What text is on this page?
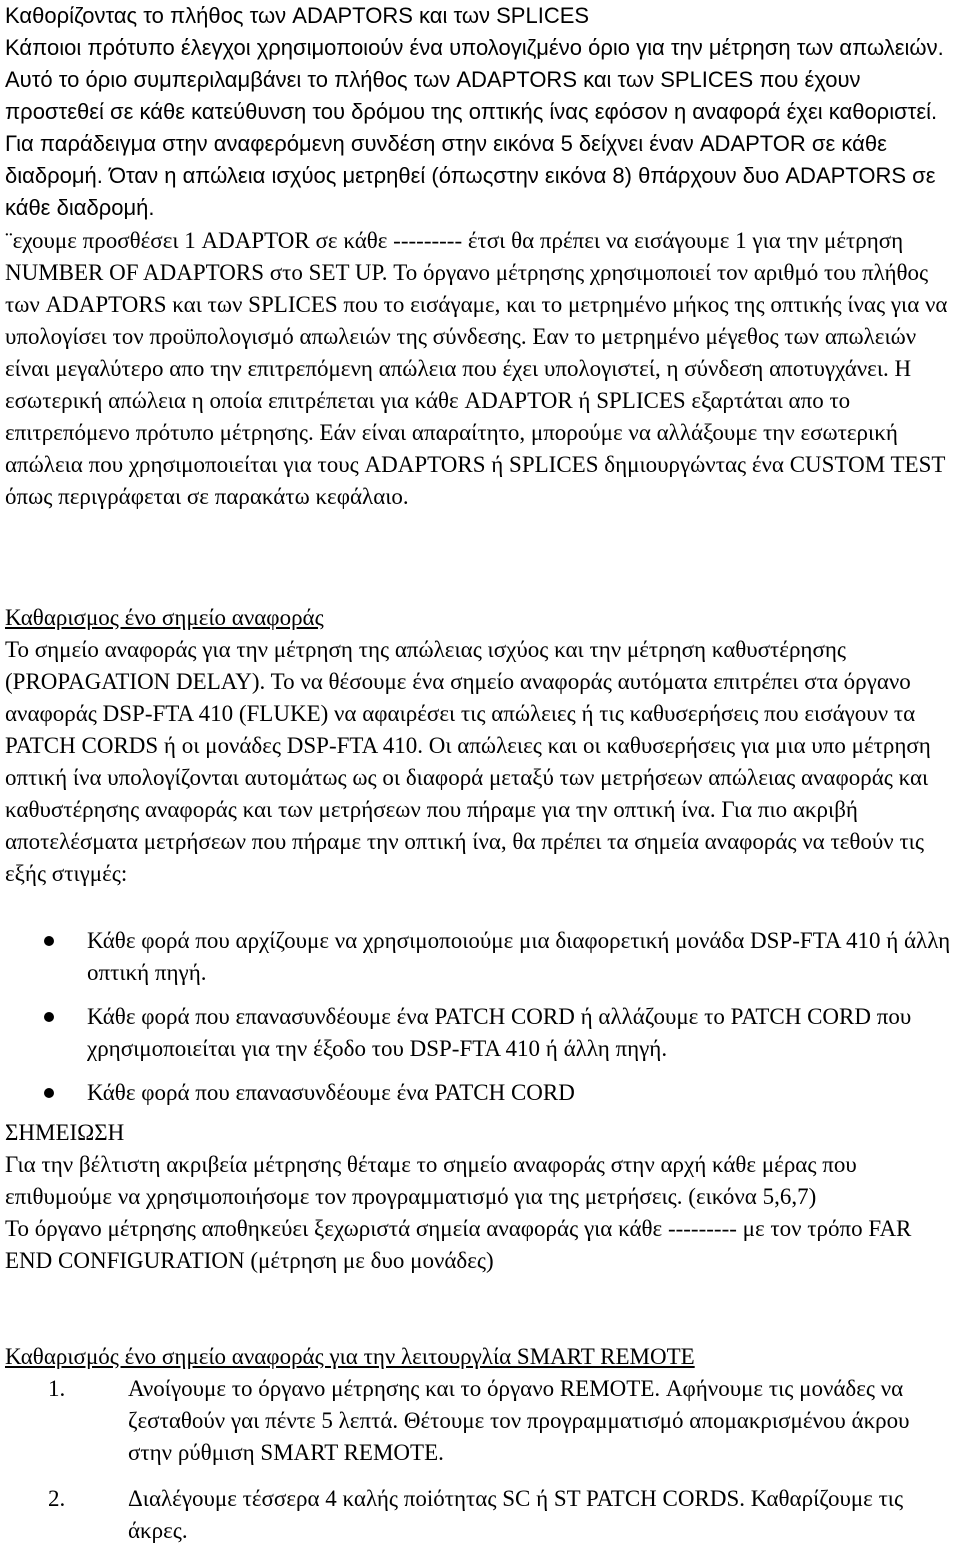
Καθορίζοντας το πλήθος των ADAPTORS και των SPLICES
Κάποιοι πρότυπο έλεγχοι χρησιμοποιούν ένα υπολογιζμένο όριο για την μέτρηση των απωλειών. Αυτό το όριο συμπεριλαμβάνει το πλήθος των ADAPTORS και των SPLICES που έχουν προστεθεί σε κάθε κατεύθυνση του δρόμου της οπτικής ίνας εφόσον η αναφορά έχει καθοριστεί. Για παράδειγμα στην αναφερόμενη συνδέση στην εικόνα 5 δείχνει έναν ADAPTOR σε κάθε διαδρομή. Όταν η απώλεια ισχύος μετρηθεί (όπωςστην εικόνα 8) θπάρχουν δυο ADAPTORS σε κάθε διαδρομή.

¨εχουμε προσθέσει 1 ADAPTOR σε κάθε --------- έτσι θα πρέπει να εισάγουμε 1 για την μέτρηση NUMBER OF ADAPTORS στο SET UP. Το όργανο μέτρησης χρησιμοποιεί τον αριθμό του πλήθος των ADAPTORS και των SPLICES που το εισάγαμε, και το μετρημένο μήκος της οπτικής ίνας για να υπολογίσει τον προϋπολογισμό απωλειών της σύνδεσης. Εαν το μετρημένο μέγεθος των απωλειών είναι μεγαλύτερο απο την επιτρεπόμενη απώλεια που έχει υπολογιστεί, η σύνδεση αποτυγχάνει. Η εσωτερική απώλεια η οποία επιτρέπεται για κάθε ADAPTOR ή SPLICES εξαρτάται απο το επιτρεπόμενο πρότυπο μέτρησης. Εάν είναι απαραίτητο, μπορούμε να αλλάξουμε την εσωτερική απώλεια που χρησιμοποιείται για τους ADAPTORS ή SPLICES δημιουργώντας ένα CUSTOM TEST όπως περιγράφεται σε παρακάτω κεφάλαιο.

Καθαρισμος ένο σημείο αναφοράς
Το σημείο αναφοράς για την μέτρηση της απώλειας ισχύος και την μέτρηση καθυστέρησης (PROPAGATION DELAY). Το να θέσουμε ένα σημείο αναφοράς αυτόματα επιτρέπει στα όργανο αναφοράς DSP-FTA 410 (FLUKE) να αφαιρέσει τις απώλειες ή τις καθυσερήσεις που εισάγουν τα PATCH CORDS ή οι μονάδες DSP-FTA 410. Οι απώλειες και οι καθυσερήσεις για μια υπο μέτρηση οπτική ίνα υπολογίζονται αυτομάτως ως οι διαφορά μεταξύ των μετρήσεων απώλειας αναφοράς και καθυστέρησης αναφοράς και των μετρήσεων που πήραμε για την οπτική ίνα. Για πιο ακριβή αποτελέσματα μετρήσεων που πήραμε την οπτική ίνα, θα πρέπει τα σημεία αναφοράς να τεθούν τις εξής στιγμές:

Κάθε φορά που αρχίζουμε να χρησιμοποιούμε μια διαφορετική μονάδα DSP-FTA 410 ή άλλη οπτική πηγή.
Κάθε φορά που επανασυνδέουμε ένα PATCH CORD ή αλλάζουμε το PATCH CORD που χρησιμοποιείται για την έξοδο του DSP-FTA 410 ή άλλη πηγή.
Κάθε φορά που επανασυνδέουμε ένα PATCH CORD

ΣΗΜΕΙΩΣΗ
Για την βέλτιστη ακριβεία μέτρησης θέταμε το σημείο αναφοράς στην αρχή κάθε μέρας που επιθυμούμε να χρησιμοποιήσομε τον προγραμματισμό για της μετρήσεις. (εικόνα 5,6,7)
Το όργανο μέτρησης αποθηκεύει ξεχωριστά σημεία αναφοράς για κάθε --------- με τον τρόπο FAR END CONFIGURATION (μέτρηση με δυο μονάδες)

Καθαρισμός ένο σημείο αναφοράς για την λειτουργλία SMART REMOTE

1.	Ανοίγουμε το όργανο μέτρησης και το όργανο REMOTE. Αφήνουμε τις μονάδες να ζεσταθούν γαι πέντε 5 λεπτά. Θέτουμε τον προγραμματισμό απομακρισμένου άκρου στην ρύθμιση SMART REMOTE.
2.	Διαλέγουμε τέσσερα 4 καλής ποiότητας SC ή ST PATCH CORDS. Καθαρίζουμε τις άκρες.
